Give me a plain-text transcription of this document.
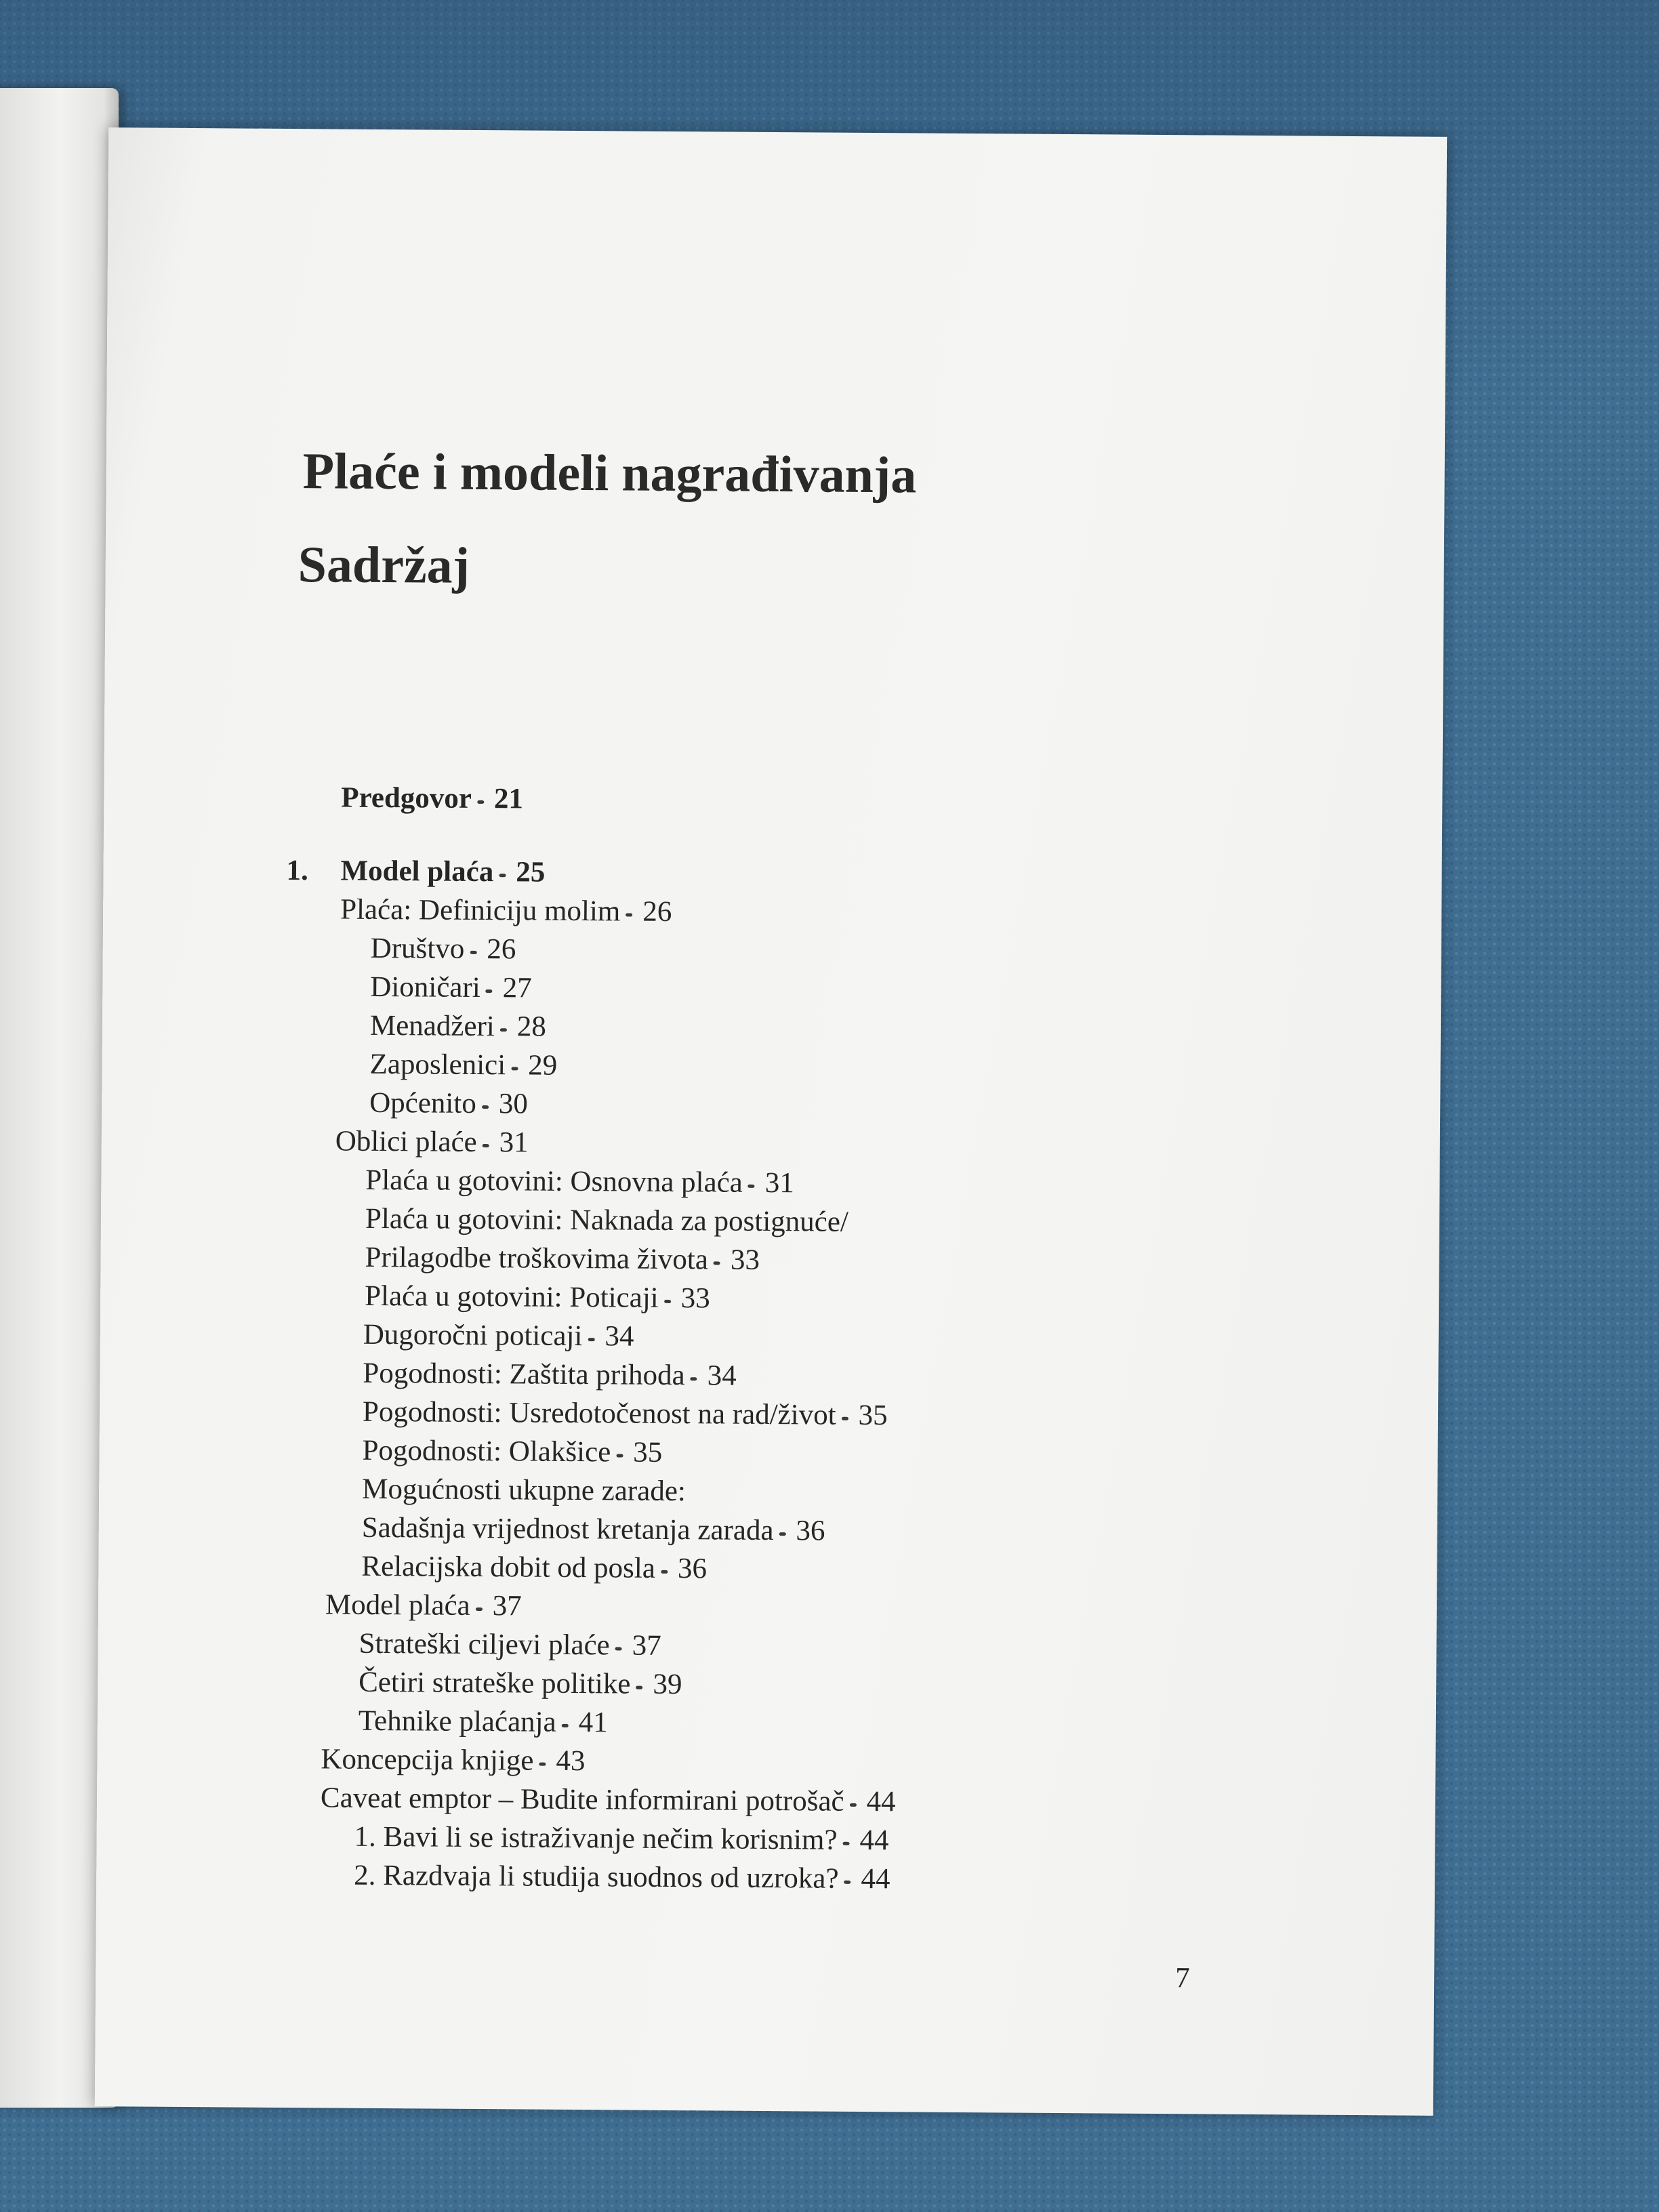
Plaće i modeli nagrađivanja
Sadržaj
Predgovor 21
1.	Model plaća 25
Plaća: Definiciju molim 26
Društvo 26
Dioničari 27
Menadžeri 28
Zaposlenici 29
Općenito 30
Oblici plaće 31
Plaća u gotovini: Osnovna plaća 31
Plaća u gotovini: Naknada za postignuće/
Prilagodbe troškovima života 33
Plaća u gotovini: Poticaji 33
Dugoročni poticaji 34
Pogodnosti: Zaštita prihoda 34
Pogodnosti: Usredotočenost na rad/život 35
Pogodnosti: Olakšice 35
Mogućnosti ukupne zarade:
Sadašnja vrijednost kretanja zarada 36
Relacijska dobit od posla 36
Model plaća 37
Strateški ciljevi plaće 37
Četiri strateške politike 39
Tehnike plaćanja 41
Koncepcija knjige 43
Caveat emptor – Budite informirani potrošač 44
1. Bavi li se istraživanje nečim korisnim? 44
2. Razdvaja li studija suodnos od uzroka? 44
7
